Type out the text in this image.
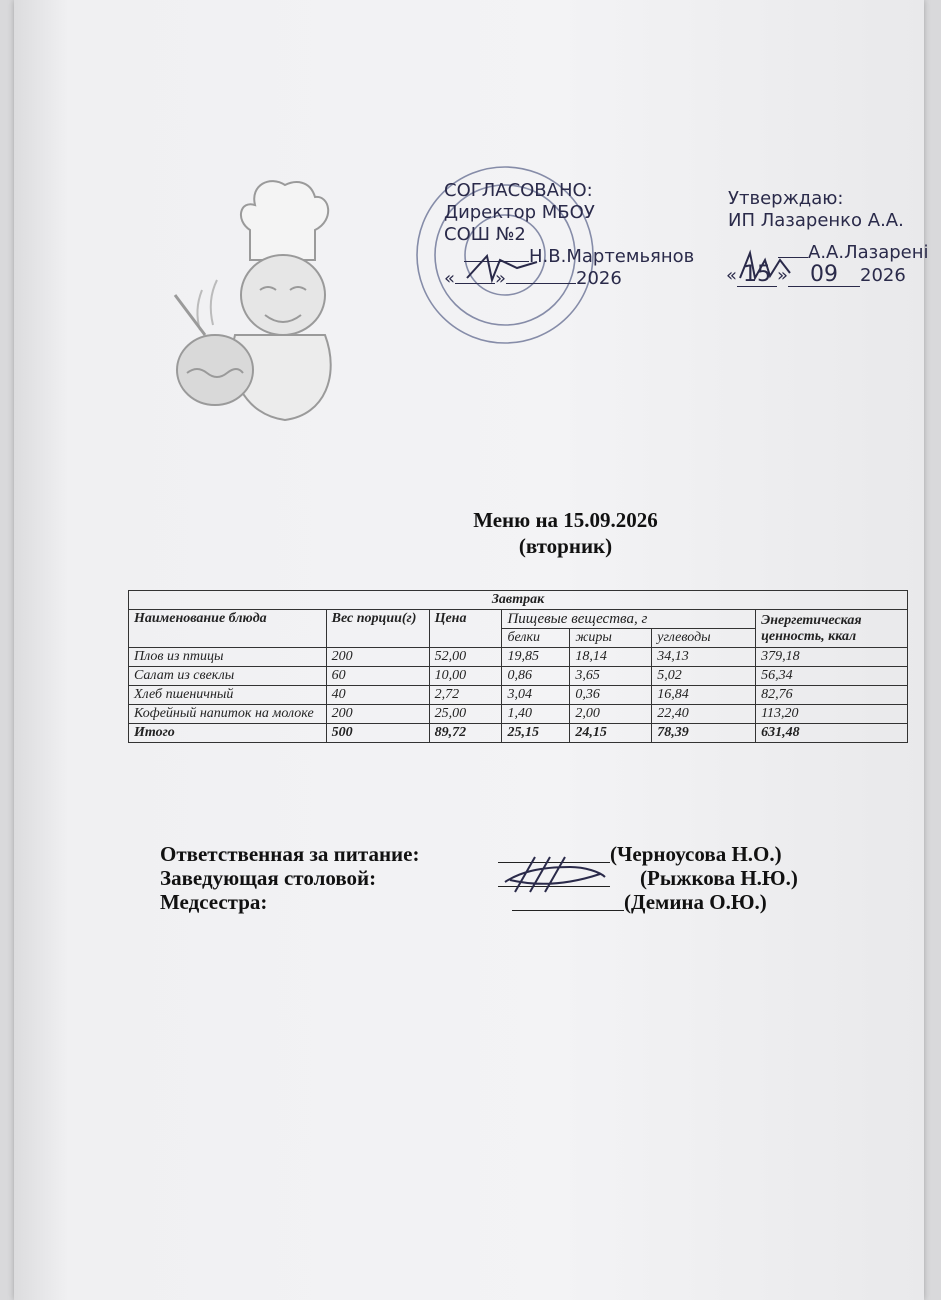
СОГЛАСОВАНО:
Директор МБОУ
СОШ №2
Н.В.Мартемьянов
« »	2026
Утверждаю:
ИП Лазаренко А.А.
А.А.Лазарені
« 15 » 09 2026
Меню на 15.09.2026
(вторник)
Завтрак						
Наименование блюда	Вес порции(г)	Цена	Пищевые вещества, г			Энергетическая ценность, ккал
			белки	жиры	углеводы	
Плов из птицы	200	52,00	19,85	18,14	34,13	379,18
Салат из свеклы	60	10,00	0,86	3,65	5,02	56,34
Хлеб пшеничный	40	2,72	3,04	0,36	16,84	82,76
Кофейный напиток на молоке	200	25,00	1,40	2,00	22,40	113,20
Итого	500	89,72	25,15	24,15	78,39	631,48
Ответственная за питание:	(Черноусова Н.О.)
Заведующая столовой:	(Рыжкова Н.Ю.)
Медсестра:	(Демина О.Ю.)
